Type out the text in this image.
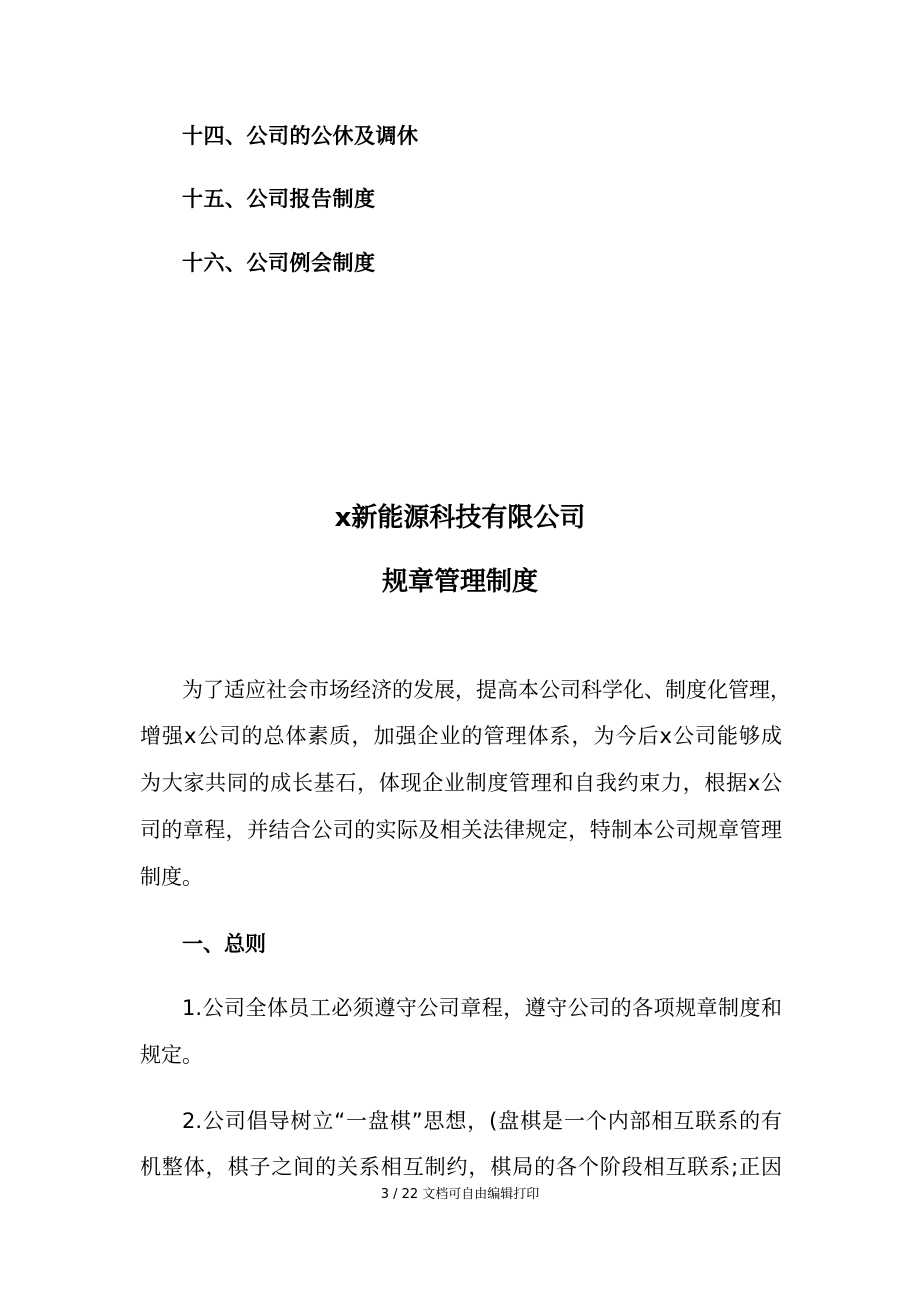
十四、公司的公休及调休
十五、公司报告制度
十六、公司例会制度
x新能源科技有限公司
规章管理制度
为了适应社会市场经济的发展，提高本公司科学化、制度化管理，
增强x公司的总体素质，加强企业的管理体系，为今后x公司能够成
为大家共同的成长基石，体现企业制度管理和自我约束力，根据x公
司的章程，并结合公司的实际及相关法律规定，特制本公司规章管理
制度。
一、总则
1.公司全体员工必须遵守公司章程，遵守公司的各项规章制度和
规定。
2.公司倡导树立“一盘棋”思想，(盘棋是一个内部相互联系的有
机整体，棋子之间的关系相互制约，棋局的各个阶段相互联系;正因
3 / 22 文档可自由编辑打印
